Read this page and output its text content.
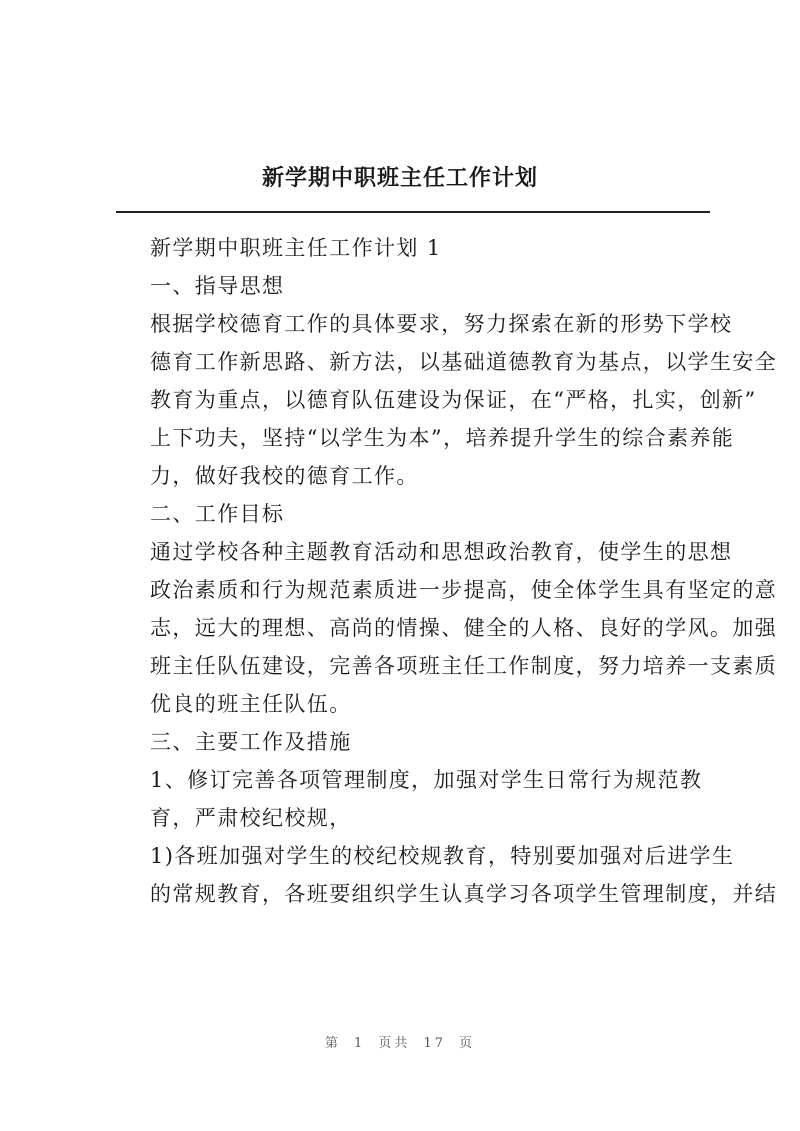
新学期中职班主任工作计划

新学期中职班主任工作计划 1

一、指导思想

根据学校德育工作的具体要求，努力探索在新的形势下学校
德育工作新思路、新方法，以基础道德教育为基点，以学生安全
教育为重点，以德育队伍建设为保证，在“严格，扎实，创新”
上下功夫，坚持“以学生为本”，培养提升学生的综合素养能
力，做好我校的德育工作。

二、工作目标

通过学校各种主题教育活动和思想政治教育，使学生的思想
政治素质和行为规范素质进一步提高，使全体学生具有坚定的意
志，远大的理想、高尚的情操、健全的人格、良好的学风。加强
班主任队伍建设，完善各项班主任工作制度，努力培养一支素质
优良的班主任队伍。

三、主要工作及措施

1、修订完善各项管理制度，加强对学生日常行为规范教
育，严肃校纪校规，

1)各班加强对学生的校纪校规教育，特别要加强对后进学生
的常规教育，各班要组织学生认真学习各项学生管理制度，并结

第 1 页共 17 页
